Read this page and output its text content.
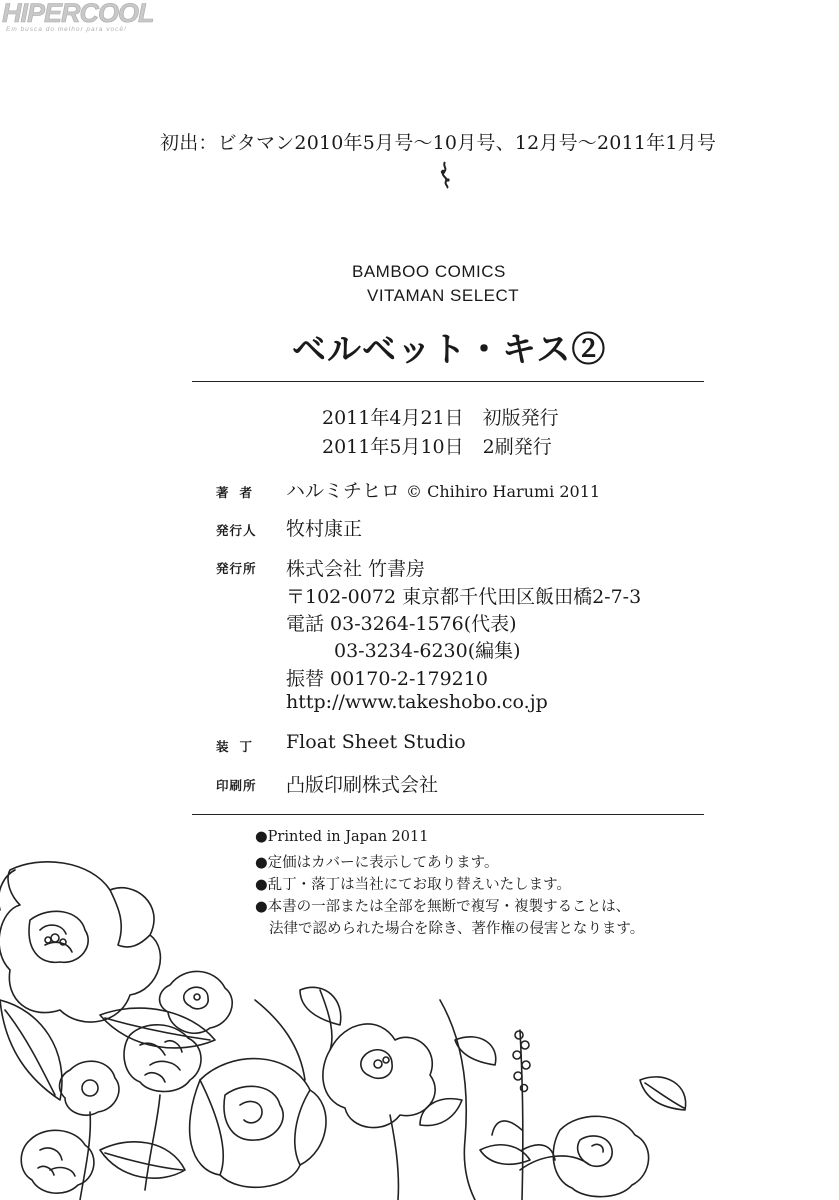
HIPERCOOL
Em busca do melhor para você!
初出：ビタマン2010年5月号〜10月号、12月号〜2011年1月号
BAMBOO COMICS
VITAMAN SELECT
ベルベット・キス②
2011年4月21日　初版発行
2011年5月10日　2刷発行
著者 ハルミチヒロ © Chihiro Harumi 2011
発行人 牧村康正
発行所 株式会社 竹書房
〒102-0072 東京都千代田区飯田橋2-7-3
電話 03-3264-1576(代表)
03-3234-6230(編集)
振替 00170-2-179210
http://www.takeshobo.co.jp
装丁 Float Sheet Studio
印刷所 凸版印刷株式会社
●Printed in Japan 2011
●定価はカバーに表示してあります。
●乱丁・落丁は当社にてお取り替えいたします。
●本書の一部または全部を無断で複写・複製することは、
法律で認められた場合を除き、著作権の侵害となります。
